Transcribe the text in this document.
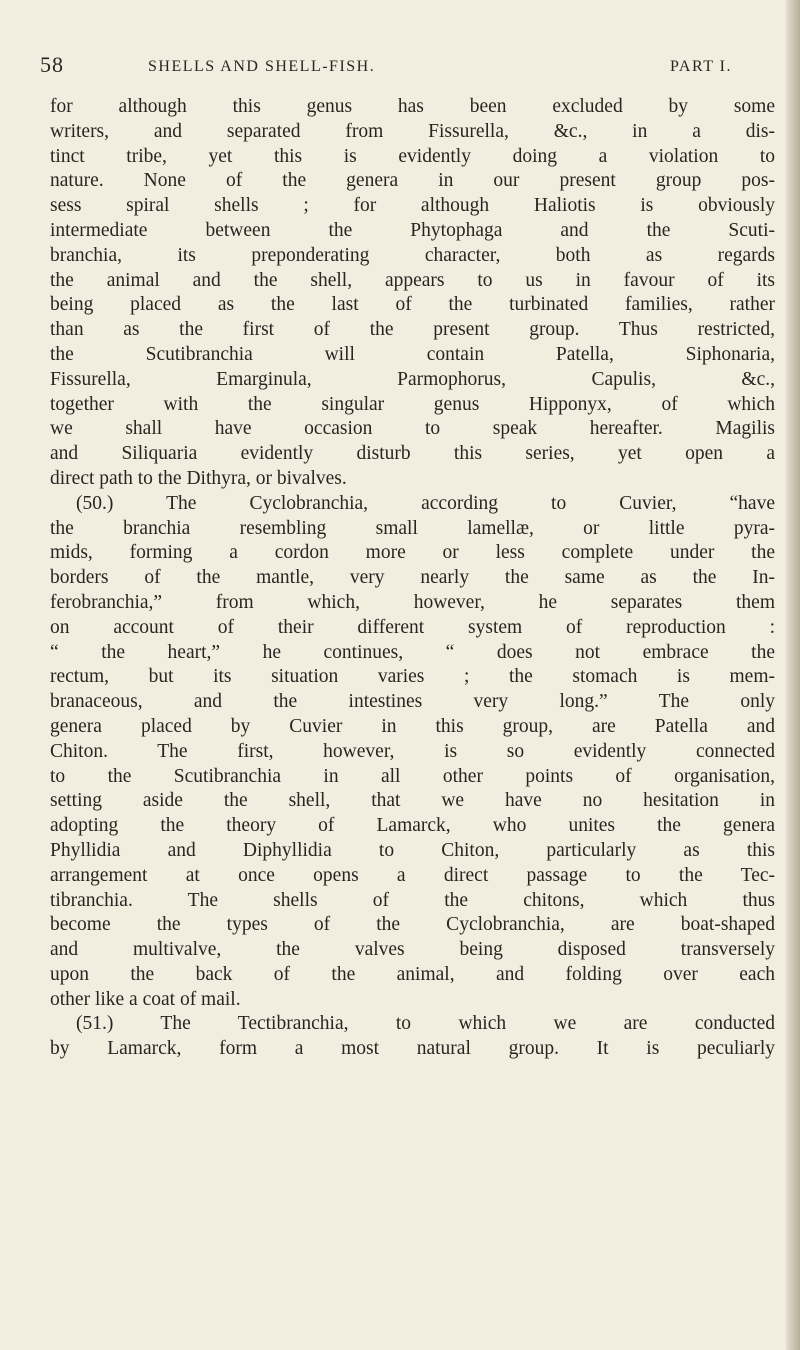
58	SHELLS AND SHELL-FISH.	PART I.
for although this genus has been excluded by some
writers, and separated from Fissurella, &c., in a dis-
tinct tribe, yet this is evidently doing a violation to
nature. None of the genera in our present group pos-
sess spiral shells ; for although Haliotis is obviously
intermediate between the Phytophaga and the Scuti-
branchia, its preponderating character, both as regards
the animal and the shell, appears to us in favour of its
being placed as the last of the turbinated families, rather
than as the first of the present group. Thus restricted,
the Scutibranchia will contain Patella, Siphonaria,
Fissurella, Emarginula, Parmophorus, Capulis, &c.,
together with the singular genus Hipponyx, of which
we shall have occasion to speak hereafter. Magilis
and Siliquaria evidently disturb this series, yet open a
direct path to the Dithyra, or bivalves.
(50.) The Cyclobranchia, according to Cuvier, “have
the branchia resembling small lamellæ, or little pyra-
mids, forming a cordon more or less complete under the
borders of the mantle, very nearly the same as the In-
ferobranchia,” from which, however, he separates them
on account of their different system of reproduction :
“ the heart,” he continues, “ does not embrace the
rectum, but its situation varies ; the stomach is mem-
branaceous, and the intestines very long.” The only
genera placed by Cuvier in this group, are Patella and
Chiton. The first, however, is so evidently connected
to the Scutibranchia in all other points of organisation,
setting aside the shell, that we have no hesitation in
adopting the theory of Lamarck, who unites the genera
Phyllidia and Diphyllidia to Chiton, particularly as this
arrangement at once opens a direct passage to the Tec-
tibranchia. The shells of the chitons, which thus
become the types of the Cyclobranchia, are boat-shaped
and multivalve, the valves being disposed transversely
upon the back of the animal, and folding over each
other like a coat of mail.
(51.) The Tectibranchia, to which we are conducted
by Lamarck, form a most natural group. It is peculiarly
